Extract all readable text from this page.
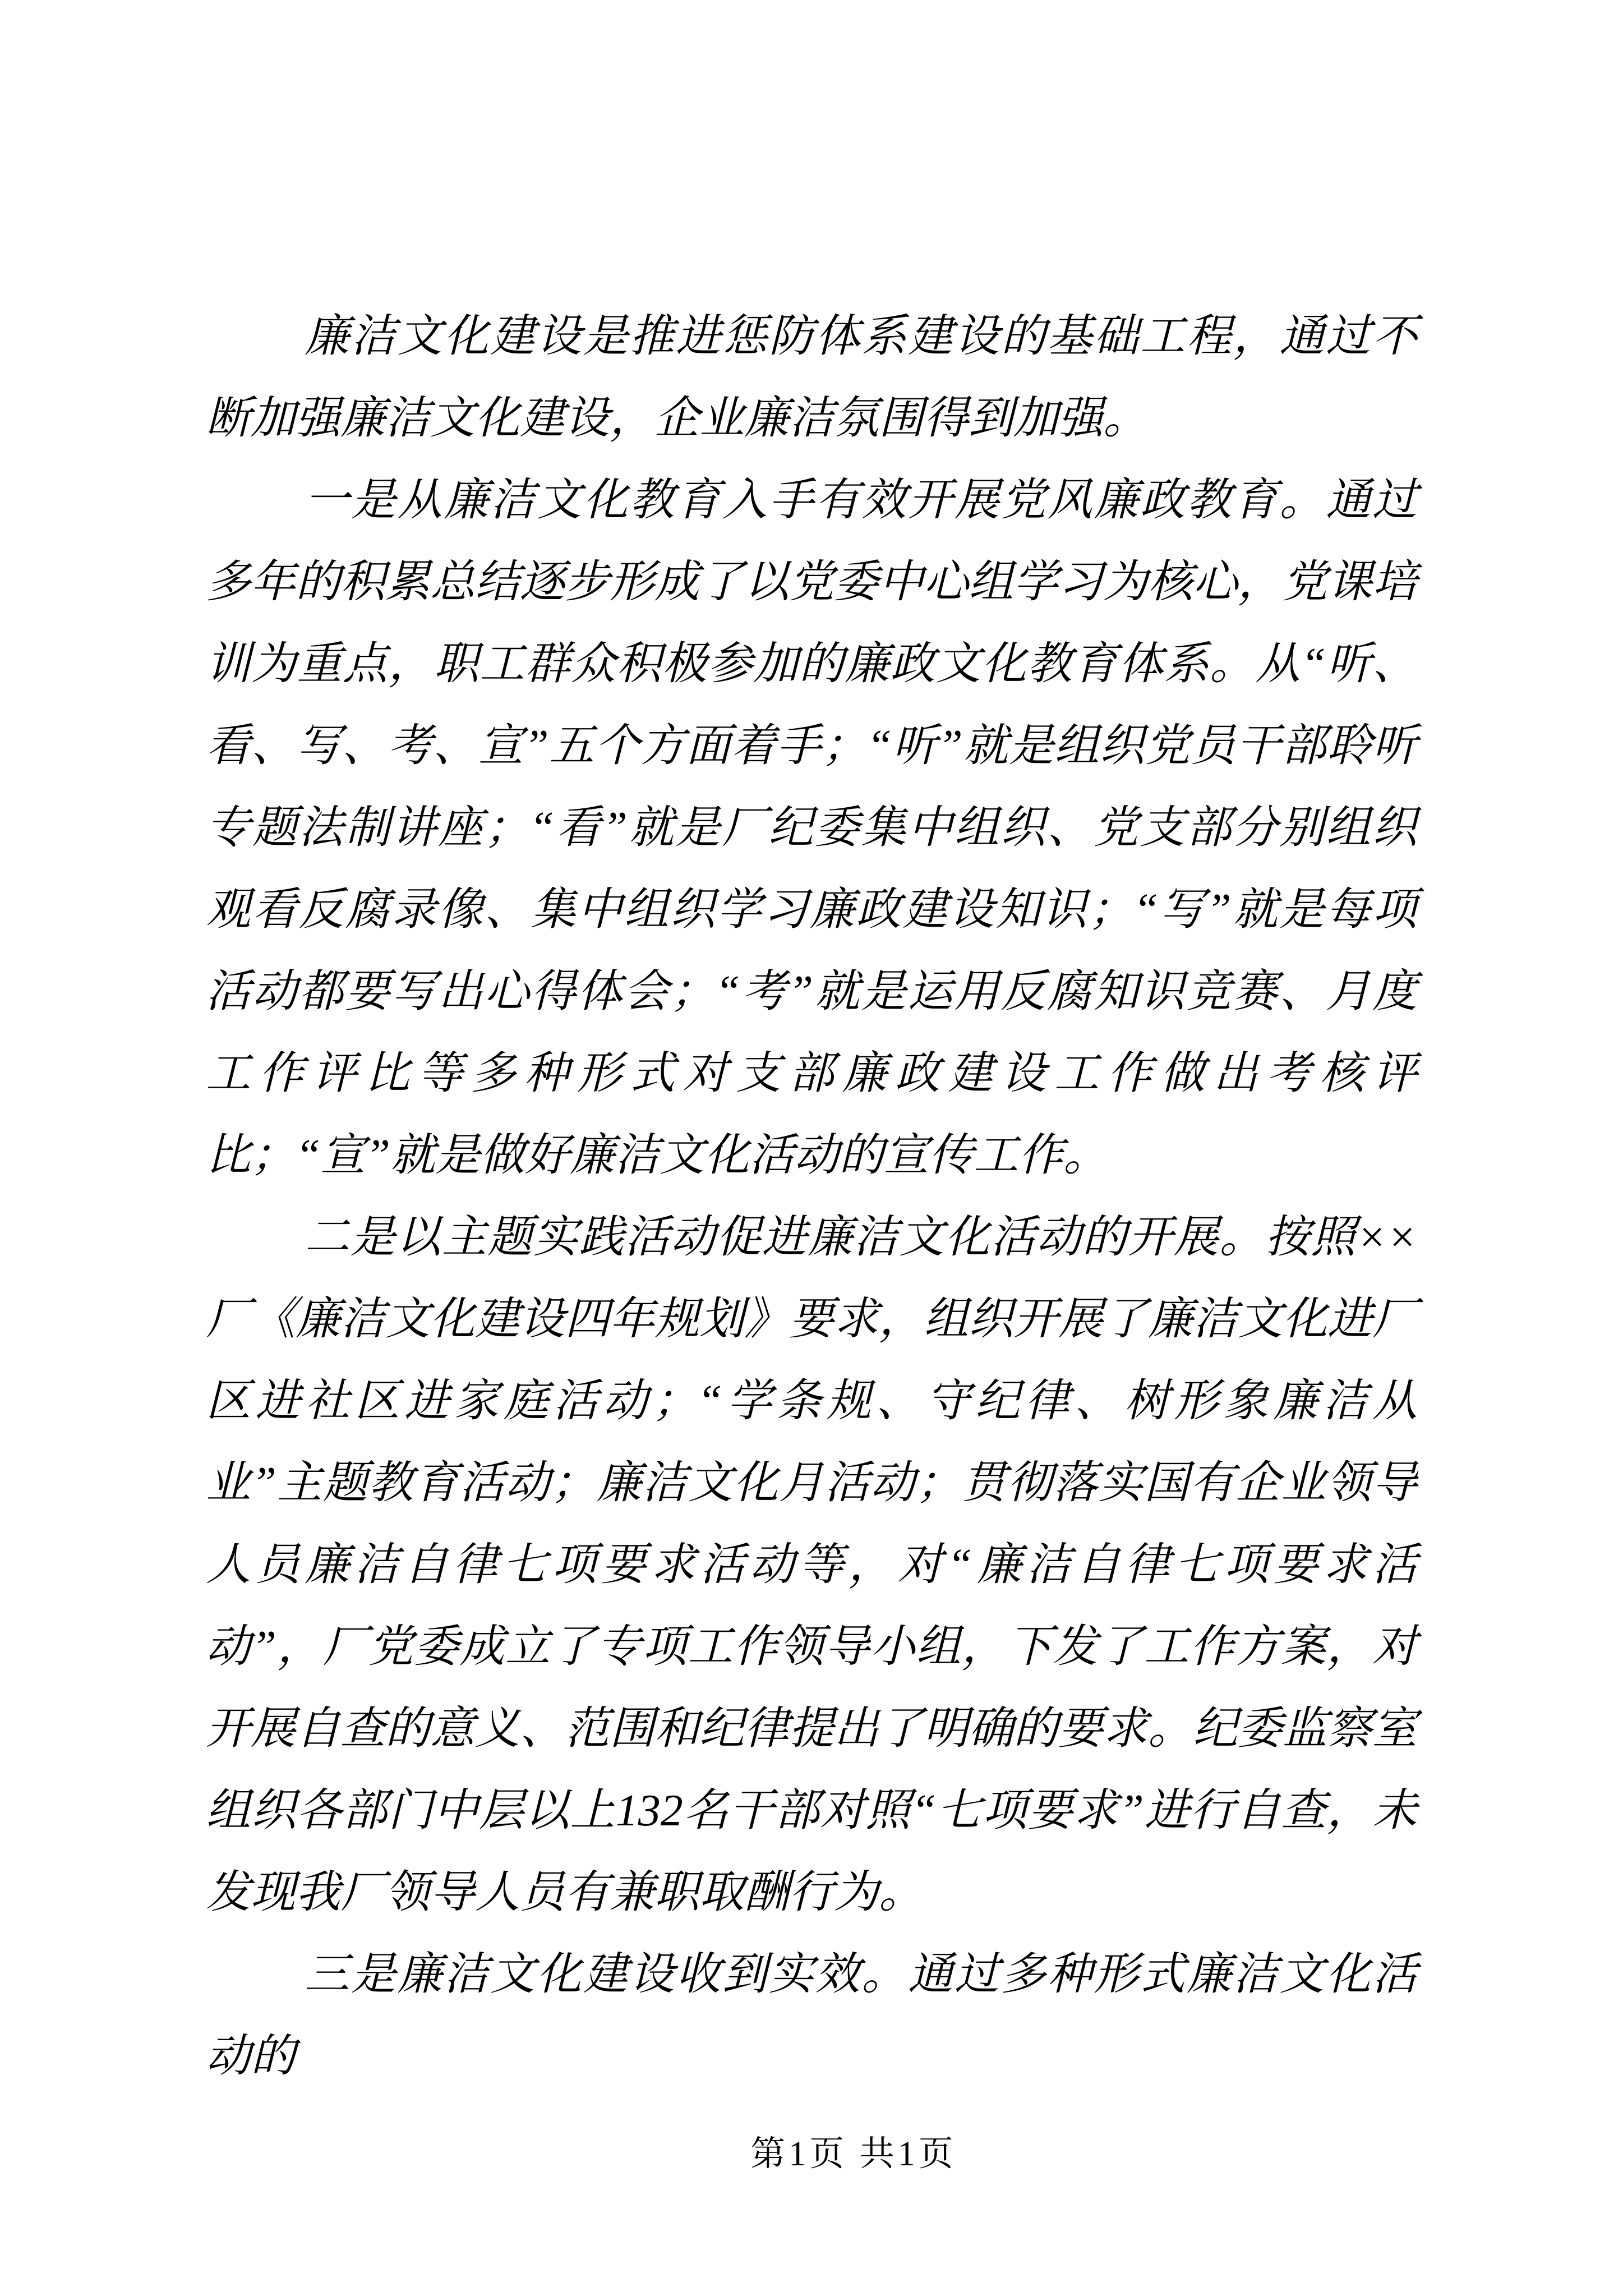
廉洁文化建设是推进惩防体系建设的基础工程，通过不断加强廉洁文化建设，企业廉洁氛围得到加强。

一是从廉洁文化教育入手有效开展党风廉政教育。通过多年的积累总结逐步形成了以党委中心组学习为核心，党课培训为重点，职工群众积极参加的廉政文化教育体系。从“听、看、写、考、宣”五个方面着手；“听”就是组织党员干部聆听专题法制讲座；“看”就是厂纪委集中组织、党支部分别组织观看反腐录像、集中组织学习廉政建设知识；“写”就是每项活动都要写出心得体会；“考”就是运用反腐知识竞赛、月度工作评比等多种形式对支部廉政建设工作做出考核评比；“宣”就是做好廉洁文化活动的宣传工作。

二是以主题实践活动促进廉洁文化活动的开展。按照××厂《廉洁文化建设四年规划》要求，组织开展了廉洁文化进厂区进社区进家庭活动；“学条规、守纪律、树形象廉洁从业”主题教育活动；廉洁文化月活动；贯彻落实国有企业领导人员廉洁自律七项要求活动等，对“廉洁自律七项要求活动”，厂党委成立了专项工作领导小组，下发了工作方案，对开展自查的意义、范围和纪律提出了明确的要求。纪委监察室组织各部门中层以上132名干部对照“七项要求”进行自查，未发现我厂领导人员有兼职取酬行为。

三是廉洁文化建设收到实效。通过多种形式廉洁文化活动的

第1页 共1页
